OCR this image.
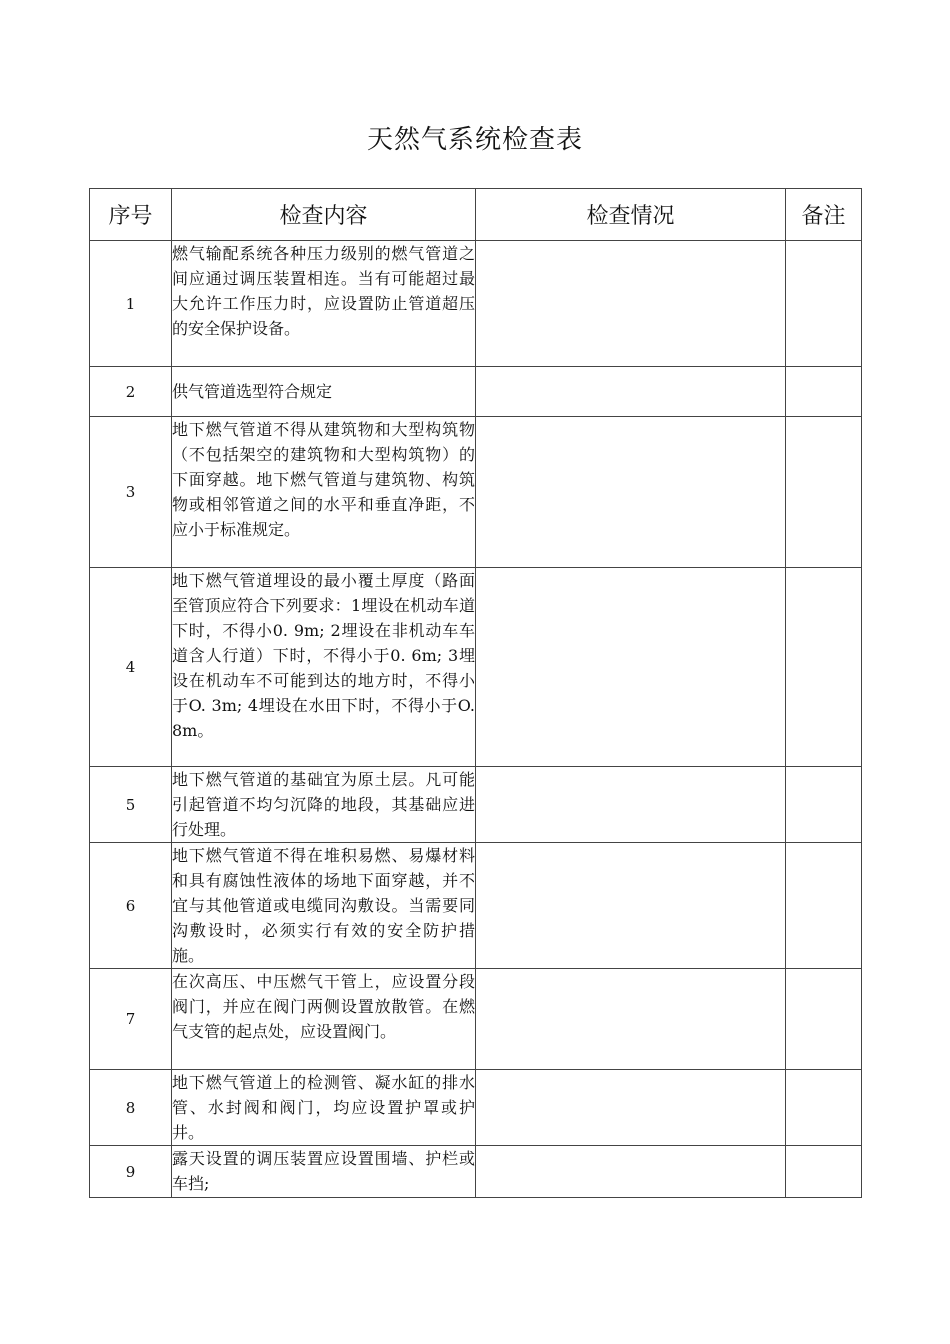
天然气系统检查表
序号	检查内容	检查情况	备注
1	燃气输配系统各种压力级别的燃气管道之间应通过调压装置相连。当有可能超过最大允许工作压力时，应设置防止管道超压的安全保护设备。		
2	供气管道选型符合规定		
3	地下燃气管道不得从建筑物和大型构筑物（不包括架空的建筑物和大型构筑物）的下面穿越。地下燃气管道与建筑物、构筑物或相邻管道之间的水平和垂直净距，不应小于标准规定。		
4	地下燃气管道埋设的最小覆土厚度（路面至管顶应符合下列要求：1埋设在机动车道下时，不得小0. 9m; 2埋设在非机动车车道含人行道）下时，不得小于0. 6m; 3埋设在机动车不可能到达的地方时，不得小于O. 3m; 4埋设在水田下时，不得小于O. 8m。		
5	地下燃气管道的基础宜为原土层。凡可能引起管道不均匀沉降的地段，其基础应进行处理。		
6	地下燃气管道不得在堆积易燃、易爆材料和具有腐蚀性液体的场地下面穿越，并不宜与其他管道或电缆同沟敷设。当需要同沟敷设时，必须实行有效的安全防护措施。		
7	在次高压、中压燃气干管上，应设置分段阀门，并应在阀门两侧设置放散管。在燃气支管的起点处，应设置阀门。		
8	地下燃气管道上的检测管、凝水缸的排水管、水封阀和阀门，均应设置护罩或护井。		
9	露天设置的调压装置应设置围墙、护栏或车挡;		
